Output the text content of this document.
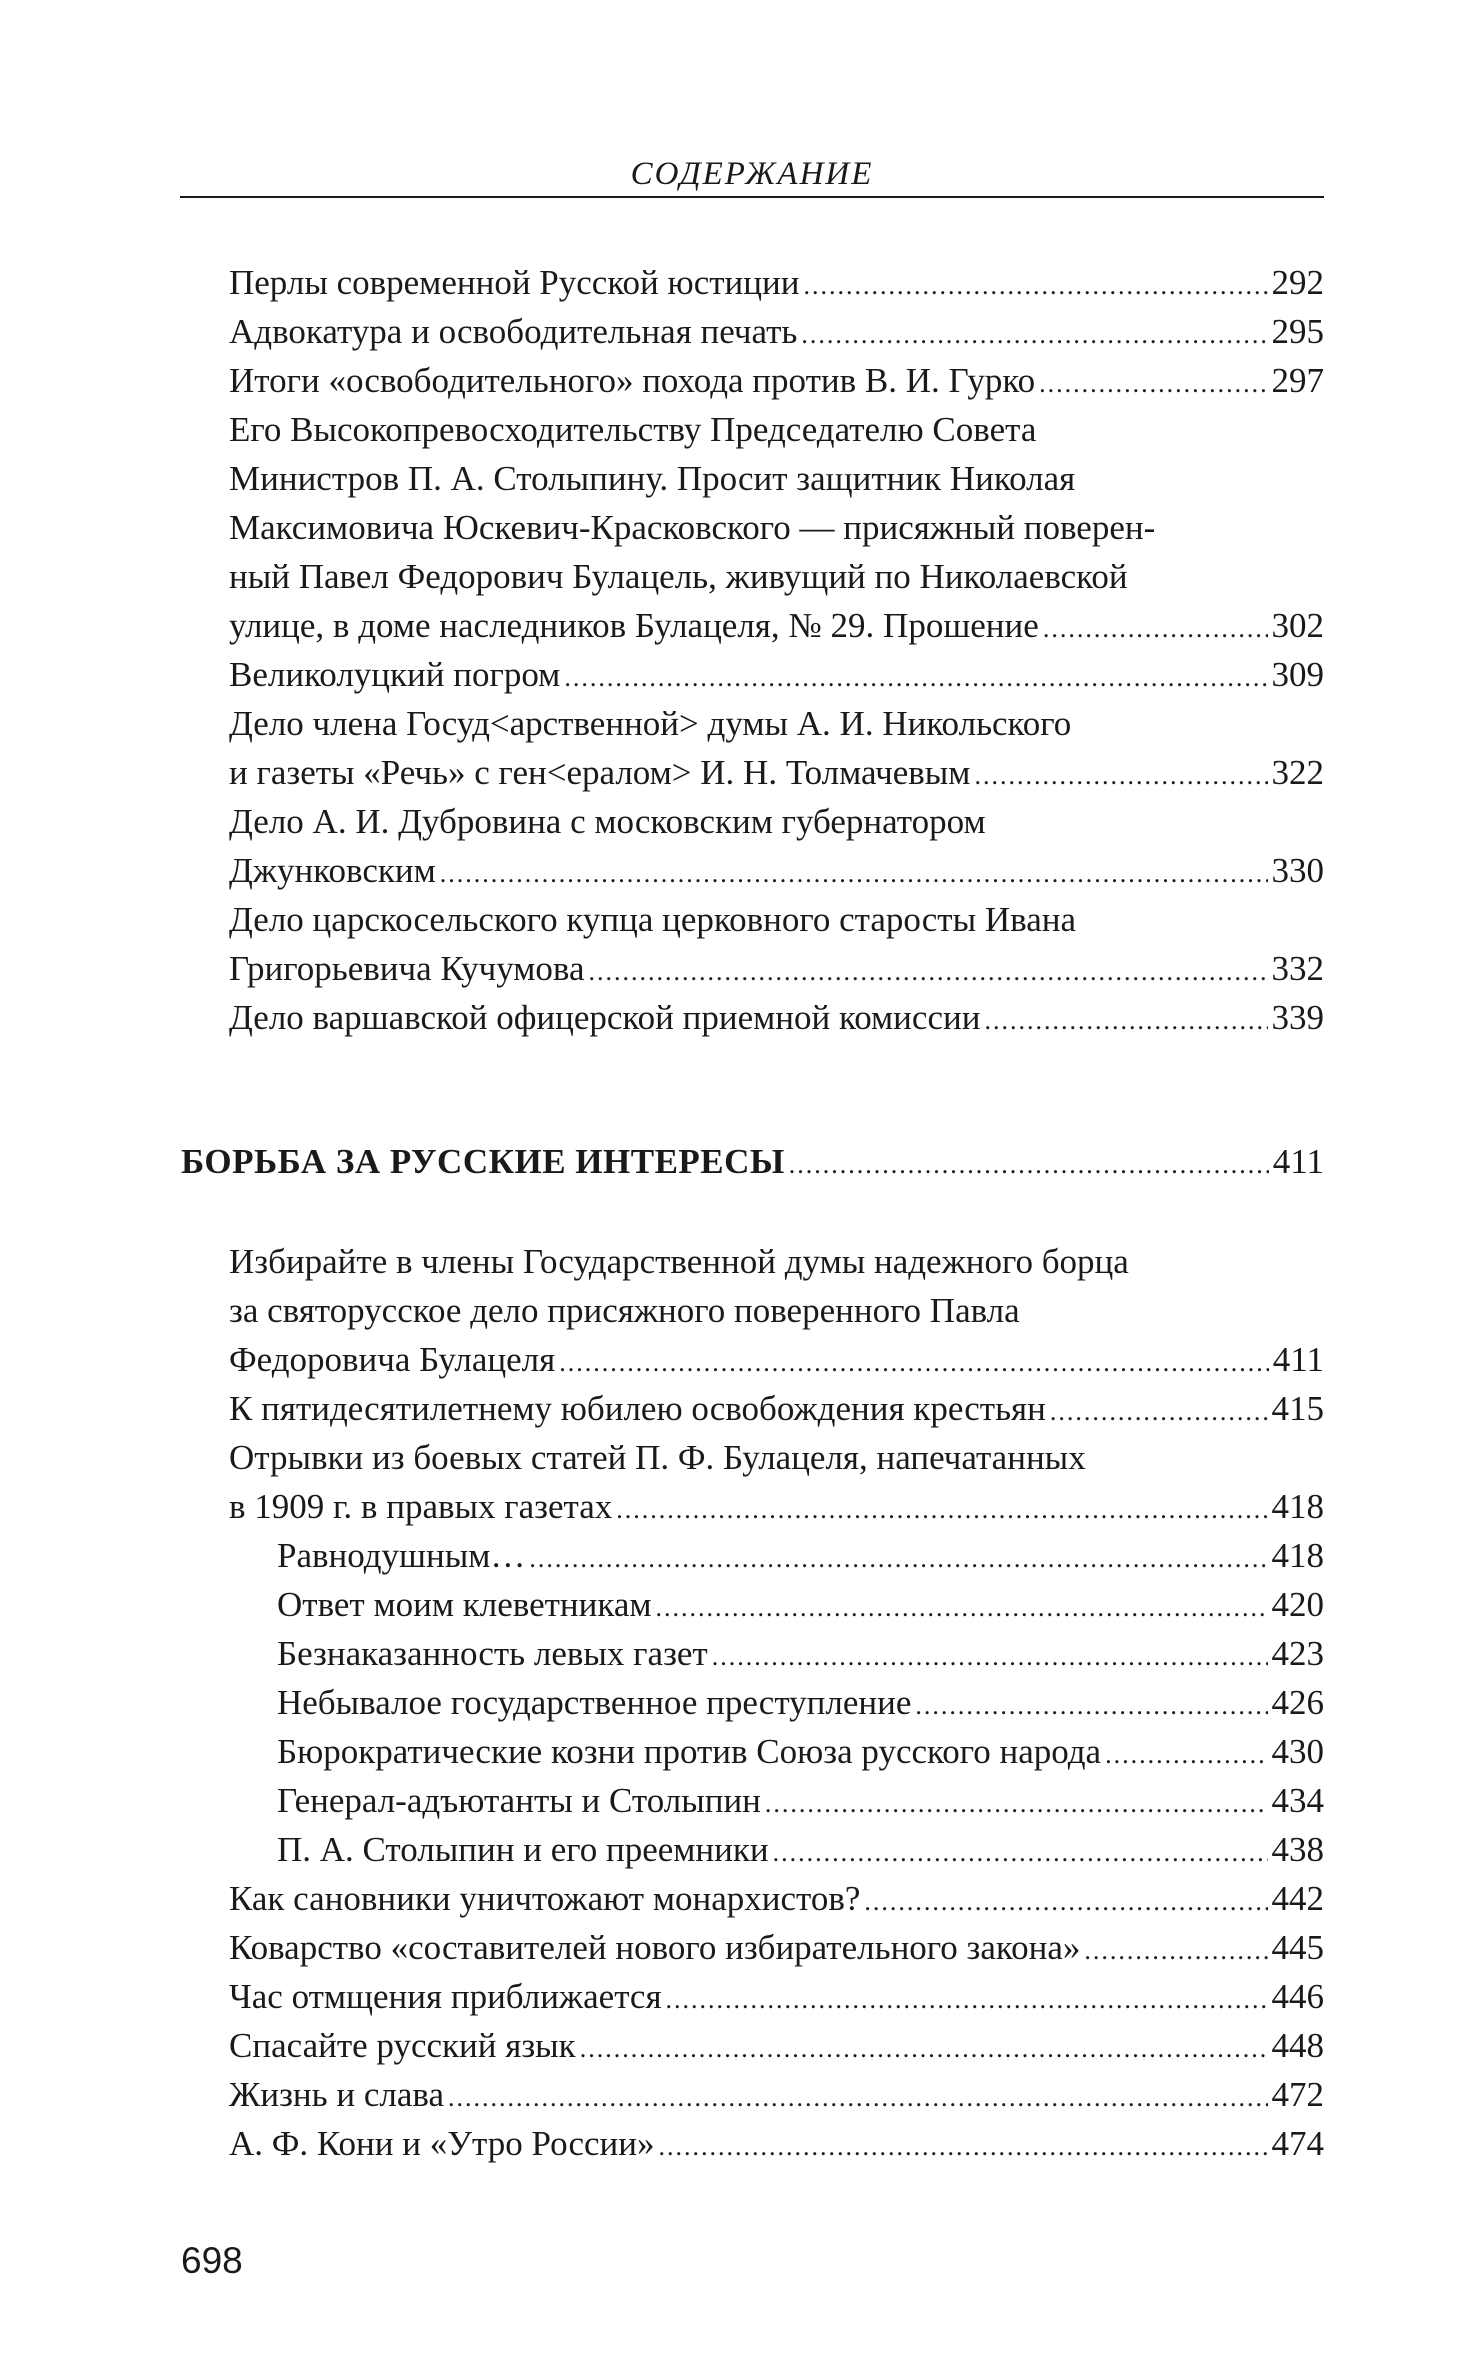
СОДЕРЖАНИЕ
Перлы современной Русской юстиции .....	292
Адвокатура и освободительная печать .....	295
Итоги «освободительного» похода против В. И. Гурко .....	297
Его Высокопревосходительству Председателю Совета
Министров П. А. Столыпину. Просит защитник Николая
Максимовича Юскевич-Красковского — присяжный поверен-
ный Павел Федорович Булацель, живущий по Николаевской
улице, в доме наследников Булацеля, № 29. Прошение .....	302
Великолуцкий погром .....	309
Дело члена Госуд<арственной> думы А. И. Никольского
и газеты «Речь» с ген<ералом> И. Н. Толмачевым .....	322
Дело А. И. Дубровина с московским губернатором
Джунковским .....	330
Дело царскосельского купца церковного старосты Ивана
Григорьевича Кучумова .....	332
Дело варшавской офицерской приемной комиссии .....	339
БОРЬБА ЗА РУССКИЕ ИНТЕРЕСЫ .....	411
Избирайте в члены Государственной думы надежного борца
за святорусское дело присяжного поверенного Павла
Федоровича Булацеля .....	411
К пятидесятилетнему юбилею освобождения крестьян .....	415
Отрывки из боевых статей П. Ф. Булацеля, напечатанных
в 1909 г. в правых газетах .....	418
Равнодушным… .....	418
Ответ моим клеветникам .....	420
Безнаказанность левых газет .....	423
Небывалое государственное преступление .....	426
Бюрократические козни против Союза русского народа .....	430
Генерал-адъютанты и Столыпин .....	434
П. А. Столыпин и его преемники .....	438
Как сановники уничтожают монархистов? .....	442
Коварство «составителей нового избирательного закона» .....	445
Час отмщения приближается .....	446
Спасайте русский язык .....	448
Жизнь и слава .....	472
А. Ф. Кони и «Утро России» .....	474
698
